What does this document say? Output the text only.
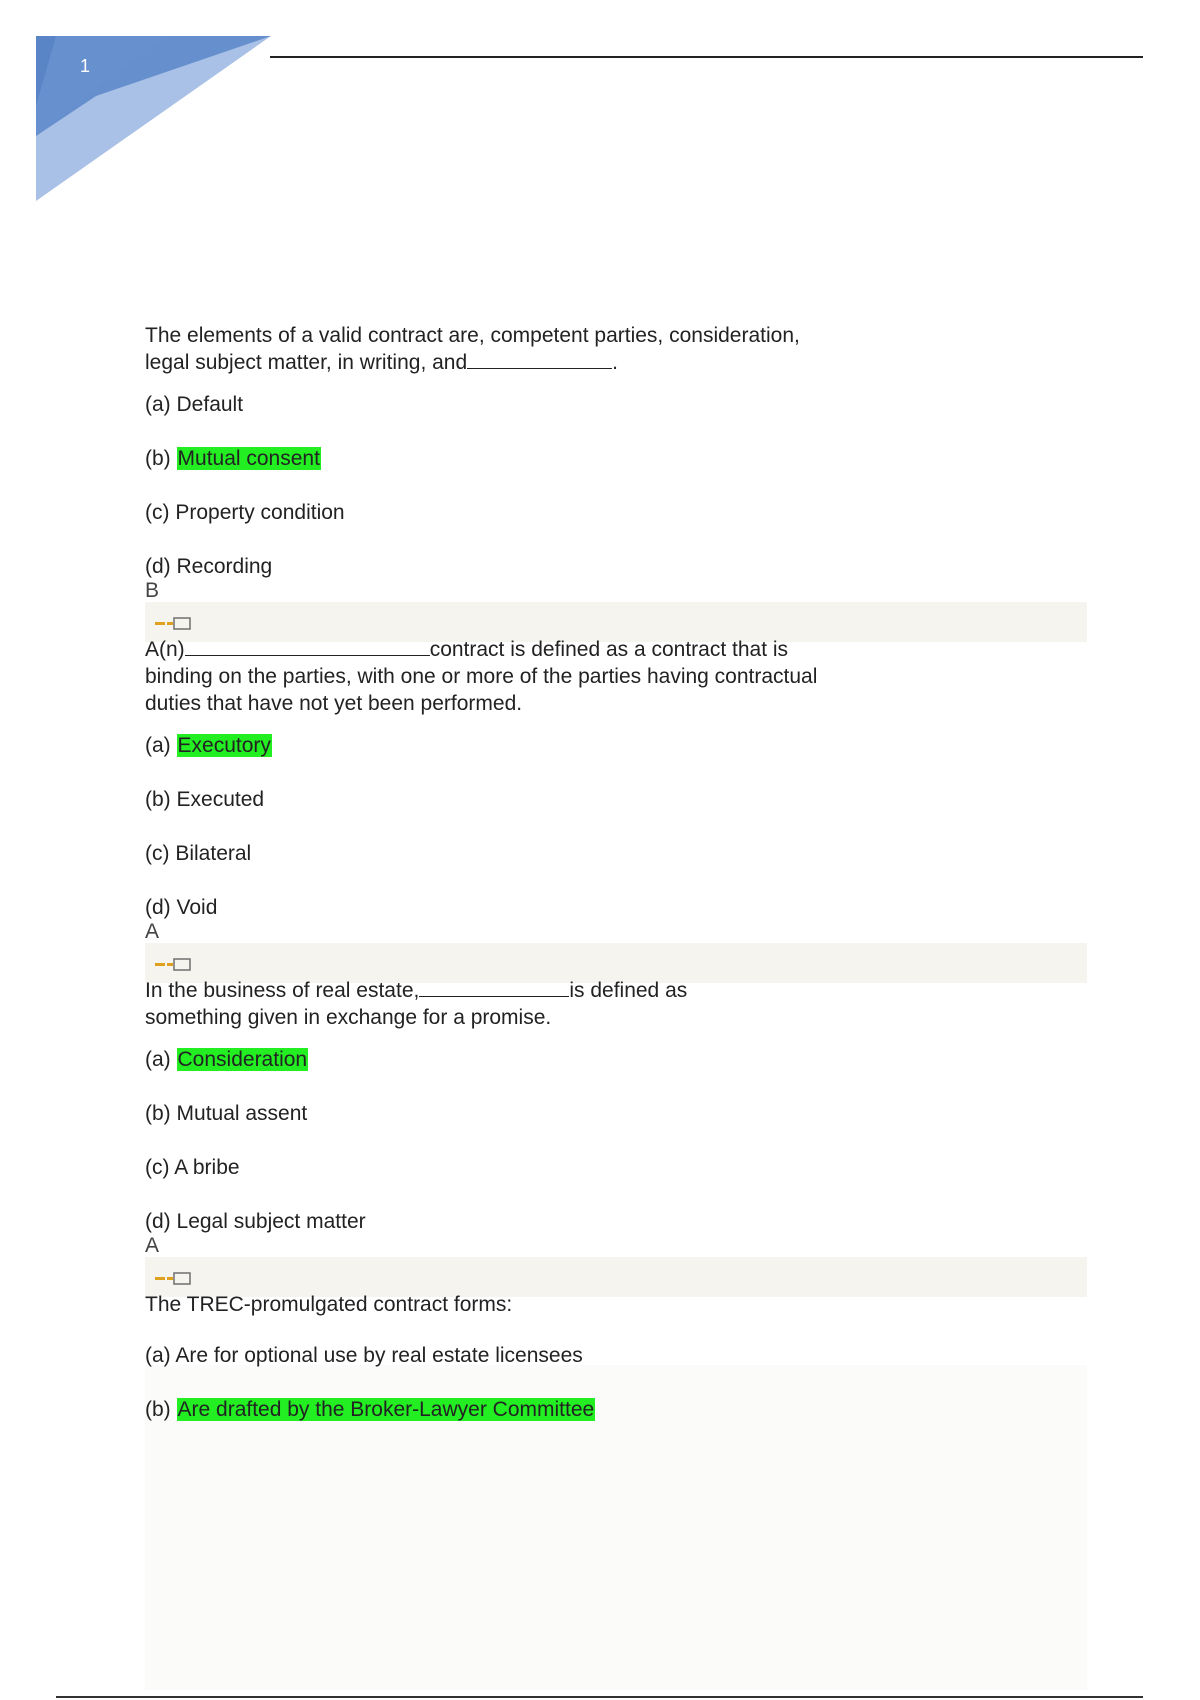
1

The elements of a valid contract are, competent parties, consideration, legal subject matter, in writing, and	.

(a) Default
(b) Mutual consent
(c) Property condition
(d) Recording
B

A(n)	contract is defined as a contract that is binding on the parties, with one or more of the parties having contractual duties that have not yet been performed.

(a) Executory
(b) Executed
(c) Bilateral
(d) Void
A

In the business of real estate,	is defined as something given in exchange for a promise.

(a) Consideration
(b) Mutual assent
(c) A bribe
(d) Legal subject matter
A

The TREC-promulgated contract forms:

(a) Are for optional use by real estate licensees
(b) Are drafted by the Broker-Lawyer Committee
